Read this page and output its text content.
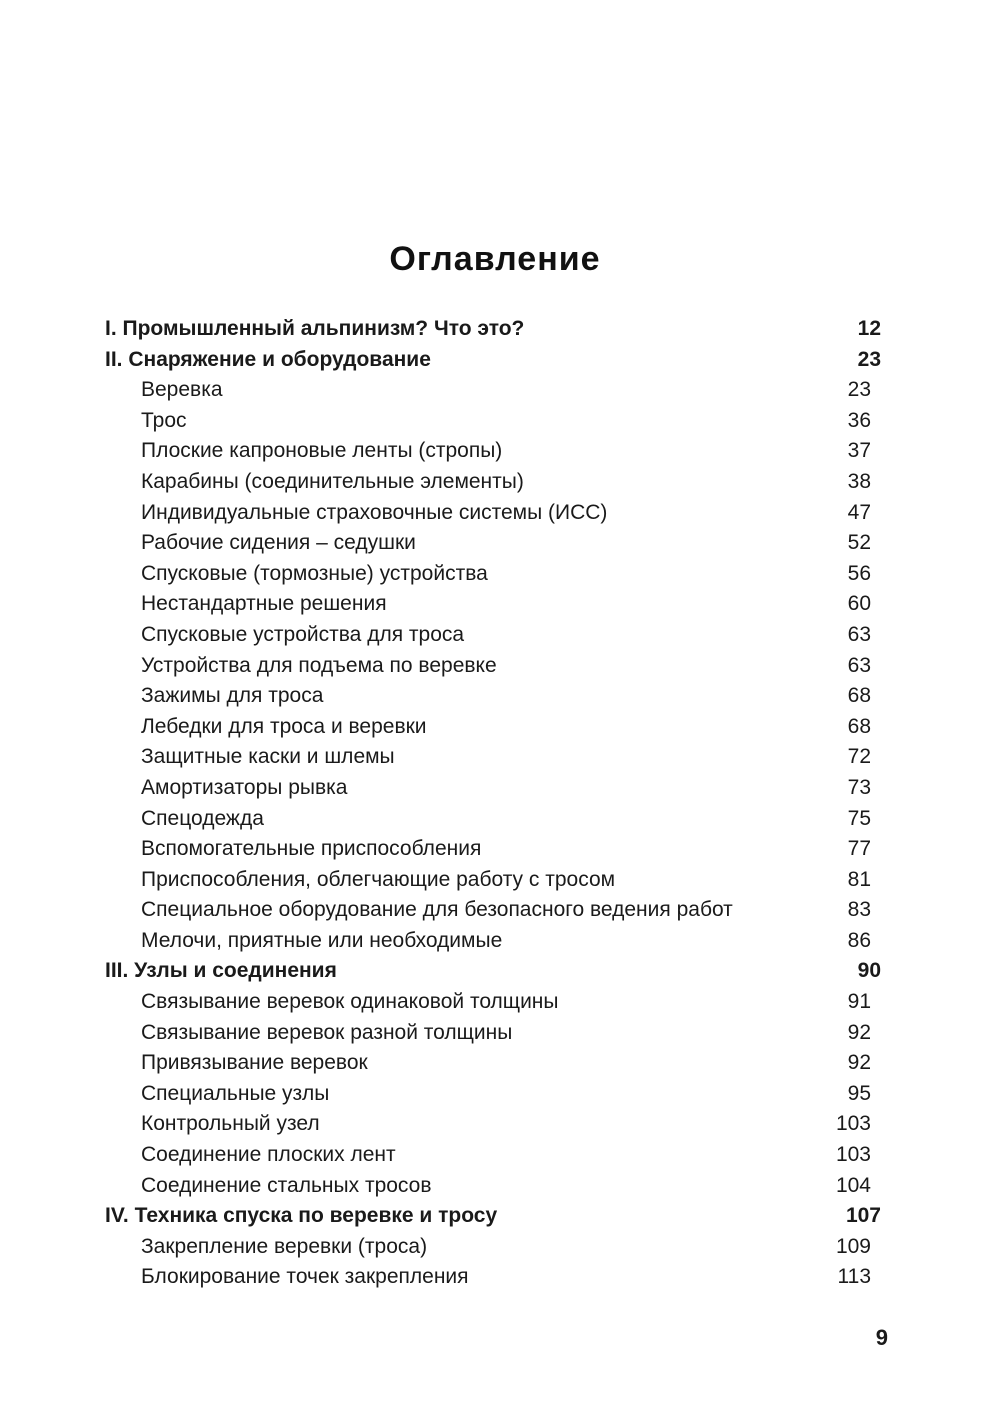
Оглавление
I. Промышленный альпинизм? Что это?	12
II. Снаряжение и оборудование	23
Веревка	23
Трос	36
Плоские капроновые ленты (стропы)	37
Карабины (соединительные элементы)	38
Индивидуальные страховочные системы (ИСС)	47
Рабочие сидения – седушки	52
Спусковые (тормозные) устройства	56
Нестандартные решения	60
Спусковые устройства для троса	63
Устройства для подъема по веревке	63
Зажимы для троса	68
Лебедки для троса и веревки	68
Защитные каски и шлемы	72
Амортизаторы рывка	73
Спецодежда	75
Вспомогательные приспособления	77
Приспособления, облегчающие работу с тросом	81
Специальное оборудование для безопасного ведения работ	83
Мелочи, приятные или необходимые	86
III. Узлы и соединения	90
Связывание веревок одинаковой толщины	91
Связывание веревок разной толщины	92
Привязывание веревок	92
Специальные узлы	95
Контрольный узел	103
Соединение плоских лент	103
Соединение стальных тросов	104
IV. Техника спуска по веревке и тросу	107
Закрепление веревки (троса)	109
Блокирование точек закрепления	113
9
